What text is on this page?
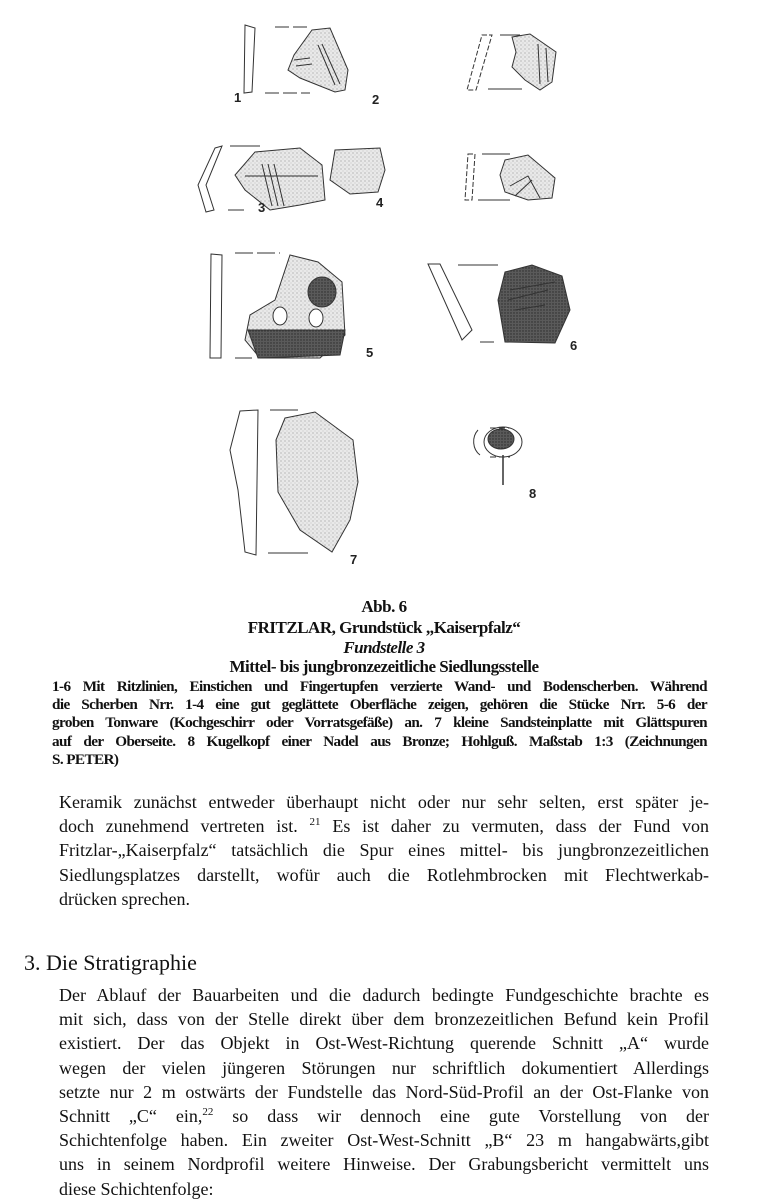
1	2
3	4
5	6
7
8
Abb. 6
FRITZLAR, Grundstück „Kaiserpfalz“
Fundstelle 3
Mittel- bis jungbronzezeitliche Siedlungsstelle
1-6 Mit Ritzlinien, Einstichen und Fingertupfen verzierte Wand- und Bodenscherben. Während
die Scherben Nrr. 1-4 eine gut geglättete Oberfläche zeigen, gehören die Stücke Nrr. 5-6 der
groben Tonware (Kochgeschirr oder Vorratsgefäße) an. 7 kleine Sandsteinplatte mit Glättspuren
auf der Oberseite. 8 Kugelkopf einer Nadel aus Bronze; Hohlguß. Maßstab 1:3 (Zeichnungen
S. PETER)
Keramik zunächst entweder überhaupt nicht oder nur sehr selten, erst später je-
doch zunehmend vertreten ist. $^{21}$ Es ist daher zu vermuten, dass der Fund von
Fritzlar-„Kaiserpfalz“ tatsächlich die Spur eines mittel- bis jungbronzezeitlichen
Siedlungsplatzes darstellt, wofür auch die Rotlehmbrocken mit Flechtwerkab-
drücken sprechen.
3. Die Stratigraphie
Der Ablauf der Bauarbeiten und die dadurch bedingte Fundgeschichte brachte es
mit sich, dass von der Stelle direkt über dem bronzezeitlichen Befund kein Profil
existiert. Der das Objekt in Ost-West-Richtung querende Schnitt „A“ wurde
wegen der vielen jüngeren Störungen nur schriftlich dokumentiert Allerdings
setzte nur 2 m ostwärts der Fundstelle das Nord-Süd-Profil an der Ost-Flanke von
Schnitt „C“ ein,$^{22}$ so dass wir dennoch eine gute Vorstellung von der
Schichtenfolge haben. Ein zweiter Ost-West-Schnitt „B“ 23 m hangabwärts,gibt
uns in seinem Nordprofil weitere Hinweise. Der Grabungsbericht vermittelt uns
diese Schichtenfolge:
